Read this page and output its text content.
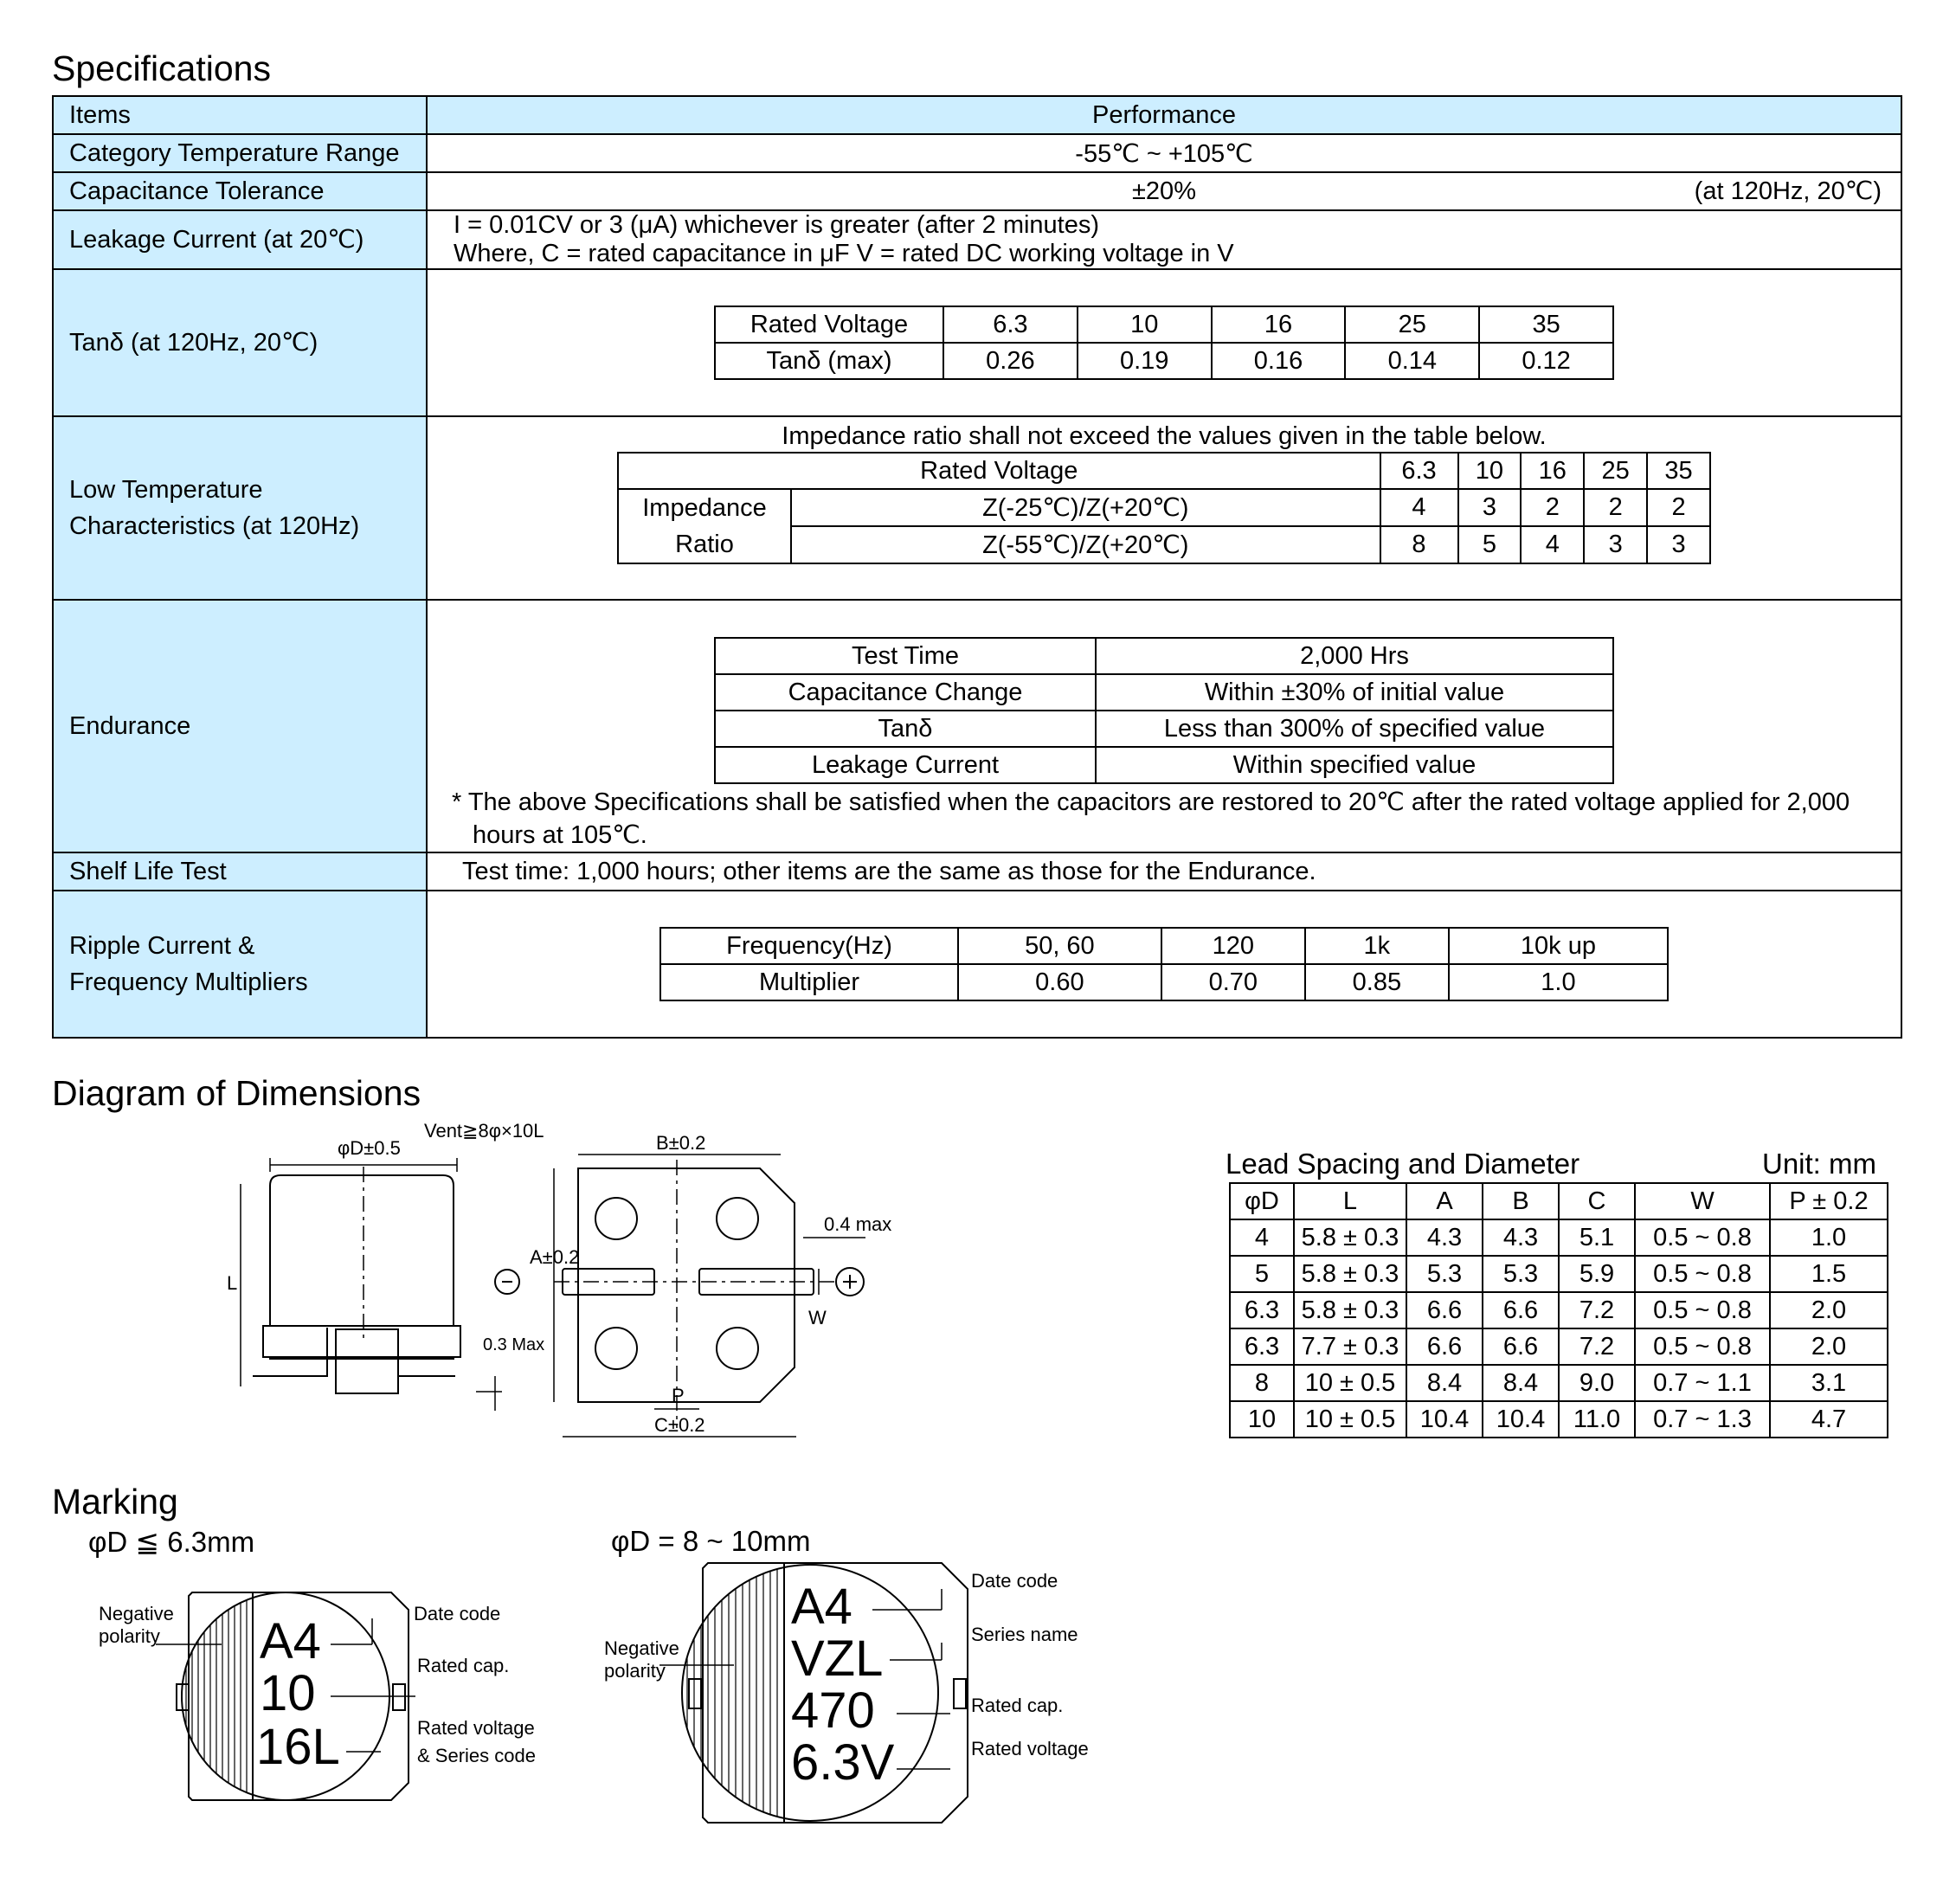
Specifications
Items	Performance
Category Temperature Range	-55℃ ~ +105℃
Capacitance Tolerance	±20%	(at 120Hz, 20℃)

Leakage Current (at 20℃)	
I = 0.01CV or 3 (μA) whichever is greater (after 2 minutes)
Where, C = rated capacitance in μF V = rated DC working voltage in V

Tanδ (at 120Hz, 20℃)	
Rated Voltage	6.3	10	16	25	35
Tanδ (max)	0.26	0.19	0.16	0.14	0.12

Low Temperature
Characteristics (at 120Hz)

Impedance ratio shall not exceed the values given in the table below.
Rated Voltage	6.3	10	16	25	35

Impedance
Ratio
	Z(-25℃)/Z(+20℃)	4	3	2	2	2
Z(-55℃)/Z(+20℃)	8	5	4	3	3

Endurance	
Test Time	2,000 Hrs
Capacitance Change	Within ±30% of initial value
Tanδ	Less than 300% of specified value
Leakage Current	Within specified value
* The above Specifications shall be satisfied when the capacitors are restored to 20℃ after the rated voltage applied for 2,000
hours at 105℃.

Shelf Life Test	Test time: 1,000 hours; other items are the same as those for the Endurance.

Ripple Current &
Frequency Multipliers

Frequency(Hz)	50, 60	120	1k	10k up
Multiplier	0.60	0.70	0.85	1.0
Diagram of Dimensions
φD±0.5
Vent≧8φ×10L
L
0.3 Max
B±0.2
A±0.2
0.4 max
W
P
C±0.2
Lead Spacing and Diameter	Unit: mm
φD	L	A	B	C	W	P ± 0.2
4	5.8 ± 0.3	4.3	4.3	5.1	0.5 ~ 0.8	1.0
5	5.8 ± 0.3	5.3	5.3	5.9	0.5 ~ 0.8	1.5
6.3	5.8 ± 0.3	6.6	6.6	7.2	0.5 ~ 0.8	2.0
6.3	7.7 ± 0.3	6.6	6.6	7.2	0.5 ~ 0.8	2.0
8	10 ± 0.5	8.4	8.4	9.0	0.7 ~ 1.1	3.1
10	10 ± 0.5	10.4	10.4	11.0	0.7 ~ 1.3	4.7
Marking
φD ≦ 6.3mm	φD = 8 ~ 10mm
Negative
polarity
Date code
Rated cap.
Rated voltage
& Series code
A4
10
16L
Negative
polarity
Date code
Series name
Rated cap.
Rated voltage
A4
VZL
470
6.3V
